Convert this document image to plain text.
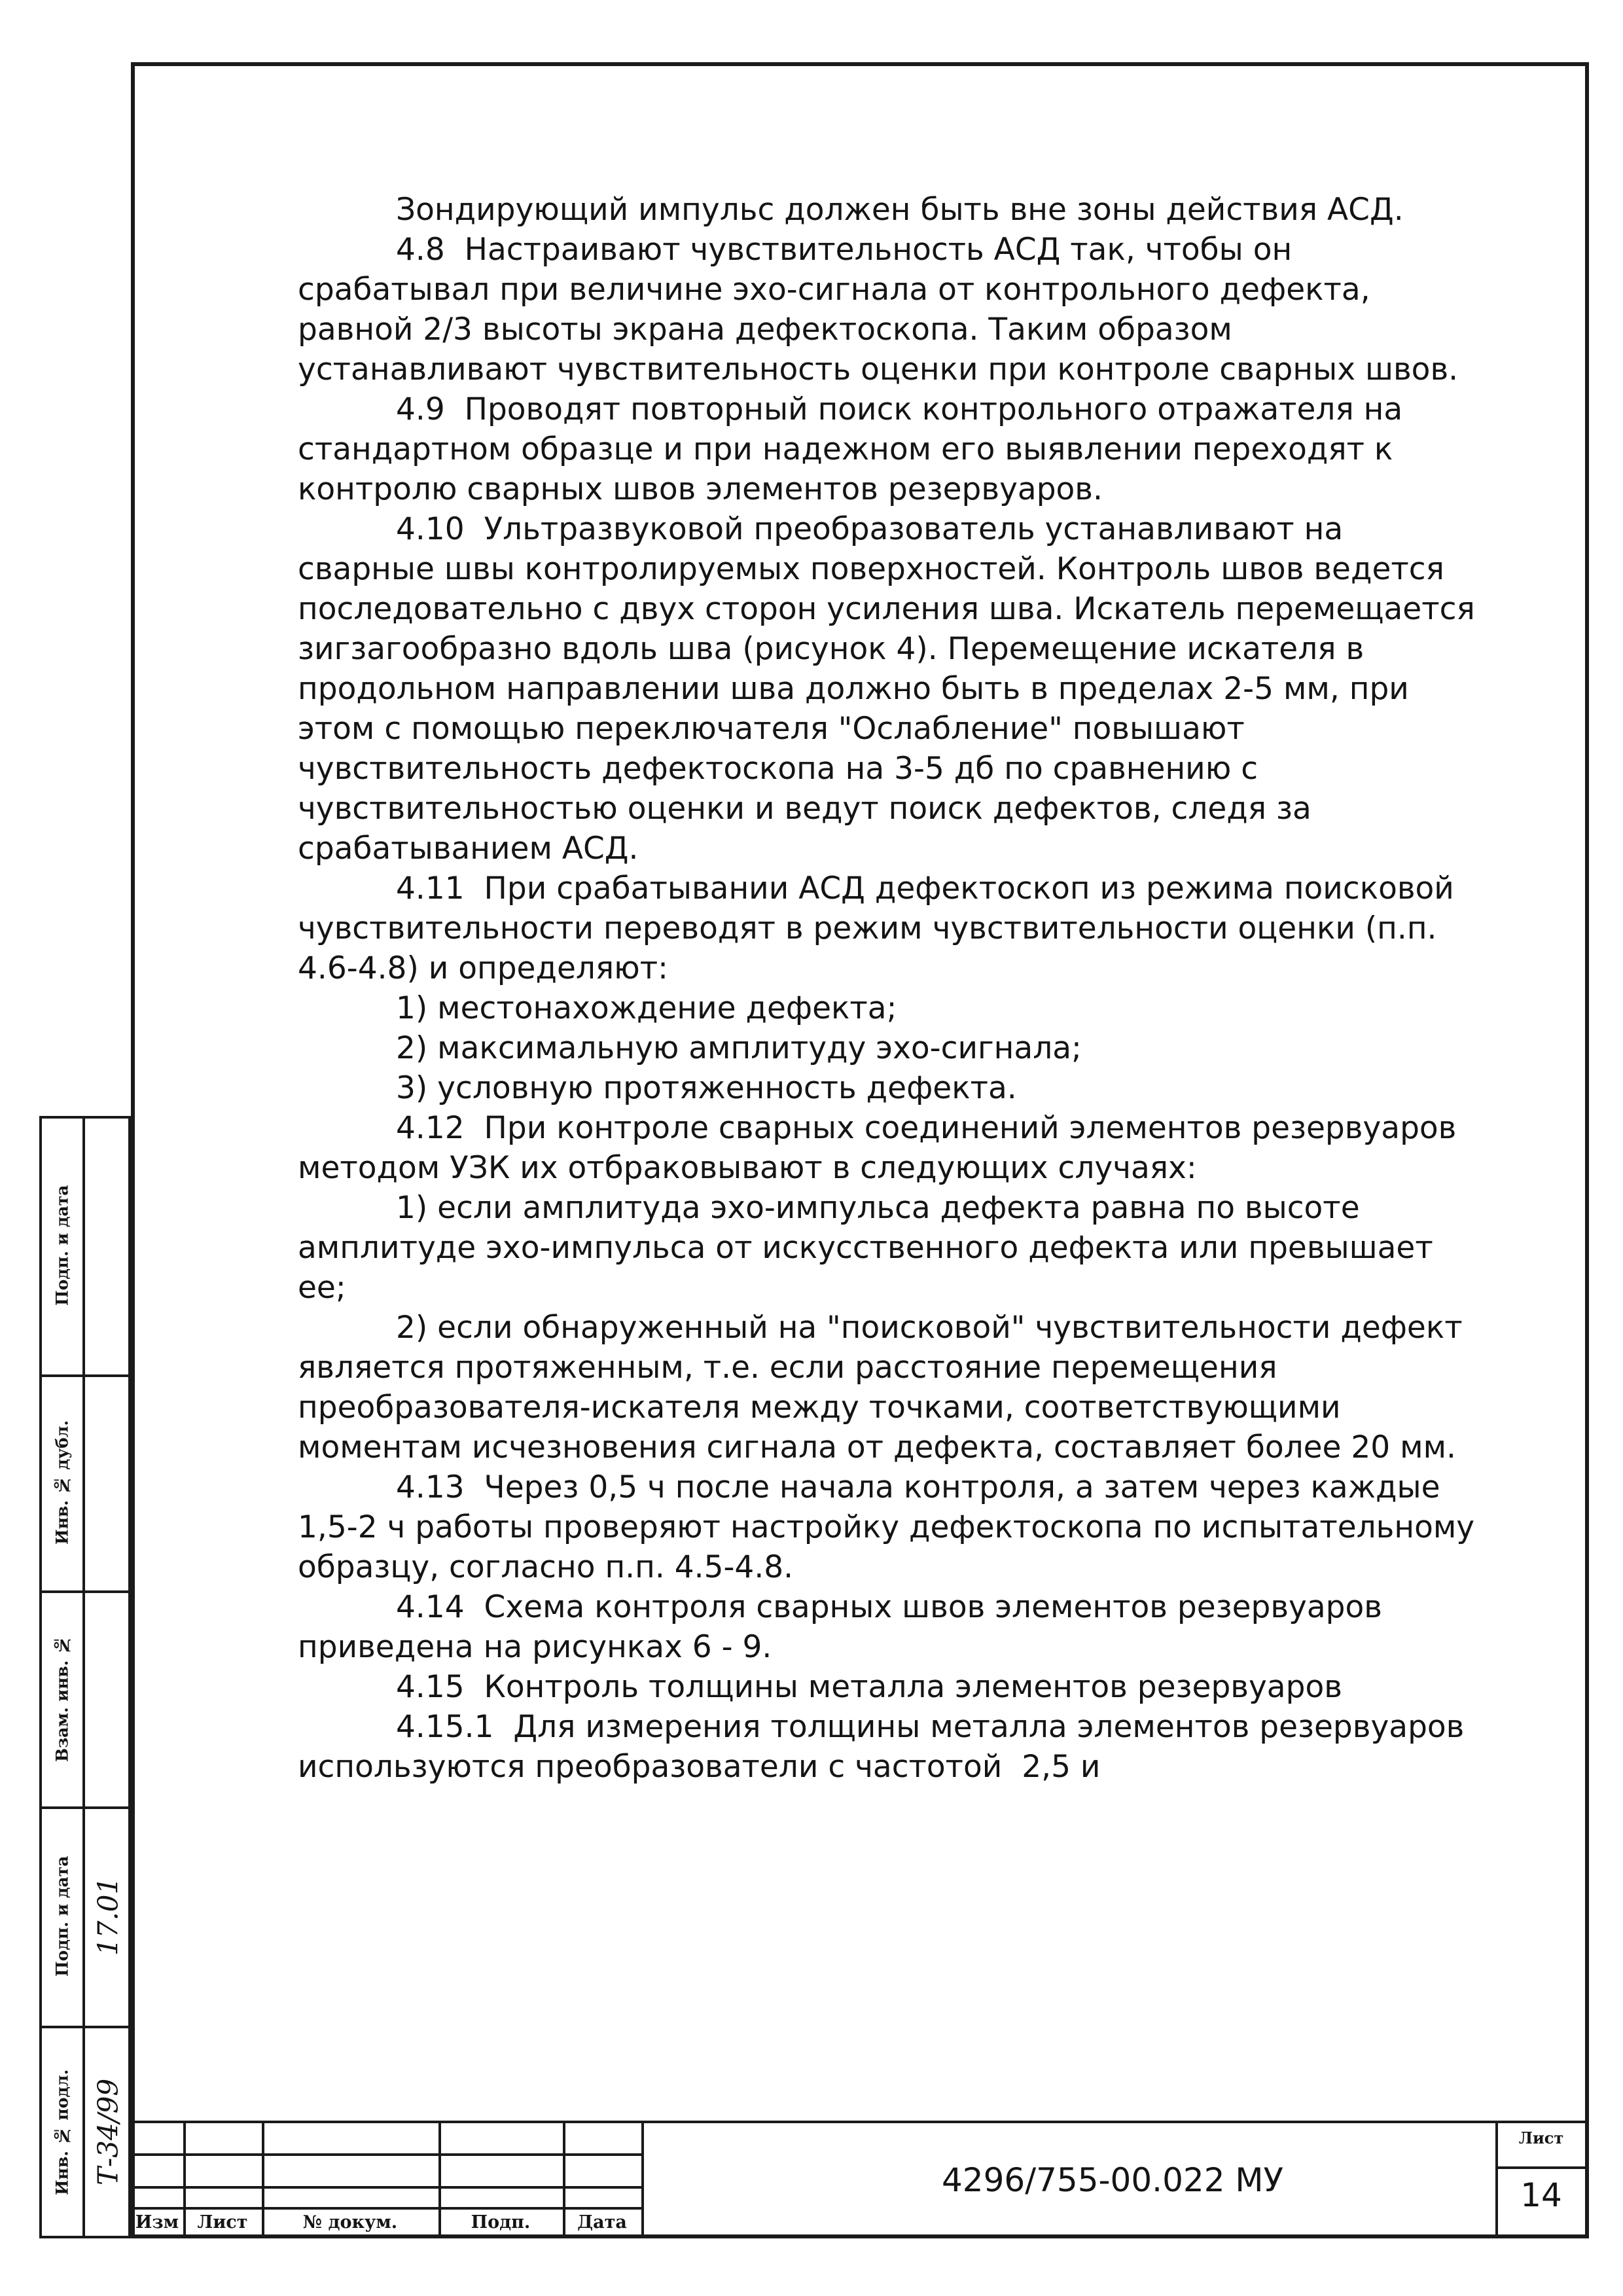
Зондирующий импульс должен быть вне зоны действия АСД.

4.8  Настраивают чувствительность АСД так, чтобы он срабатывал при величине эхо-сигнала от контрольного дефекта, равной 2/3 высоты экрана дефектоскопа. Таким образом устанавливают чувствительность оценки при контроле сварных швов.

4.9  Проводят повторный поиск контрольного отражателя на стандартном образце и при надежном его выявлении переходят к контролю сварных швов элементов резервуаров.

4.10  Ультразвуковой преобразователь устанавливают на сварные швы контролируемых поверхностей. Контроль швов ведется последовательно с двух сторон усиления шва. Искатель перемещается зигзагообразно вдоль шва (рисунок 4). Перемещение искателя в продольном направлении шва должно быть в пределах 2-5 мм, при этом с помощью переключателя "Ослабление" повышают чувствительность дефектоскопа на 3-5 дб по сравнению с чувствительностью оценки и ведут поиск дефектов, следя за срабатыванием АСД.

4.11  При срабатывании АСД дефектоскоп из режима поисковой чувствительности переводят в режим чувствительности оценки (п.п. 4.6-4.8) и определяют:

1) местонахождение дефекта;

2) максимальную амплитуду эхо-сигнала;

3) условную протяженность дефекта.

4.12  При контроле сварных соединений элементов резервуаров методом УЗК их отбраковывают в следующих случаях:

1) если амплитуда эхо-импульса дефекта равна по высоте амплитуде эхо-импульса от искусственного дефекта или превышает ее;

2) если обнаруженный на "поисковой" чувствительности дефект является протяженным, т.е. если расстояние перемещения преобразователя-искателя между точками, соответствующими моментам исчезновения сигнала от дефекта, составляет более 20 мм.

4.13  Через 0,5 ч после начала контроля, а затем через каждые 1,5-2 ч работы проверяют настройку дефектоскопа по испытательному образцу, согласно п.п. 4.5-4.8.

4.14  Схема контроля сварных швов элементов резервуаров приведена на рисунках 6 - 9.

4.15  Контроль толщины металла элементов резервуаров

4.15.1  Для измерения толщины металла элементов резервуаров используются преобразователи с частотой  2,5 и

Подп. и дата
Инв. № дубл.
Взам. инв. №
Подп. и дата 17.01
Инв. № подл. Т-34/99
Изм	Лист	№ докум.	Подп.	Дата
4296/755-00.022 МУ
Лист
14
